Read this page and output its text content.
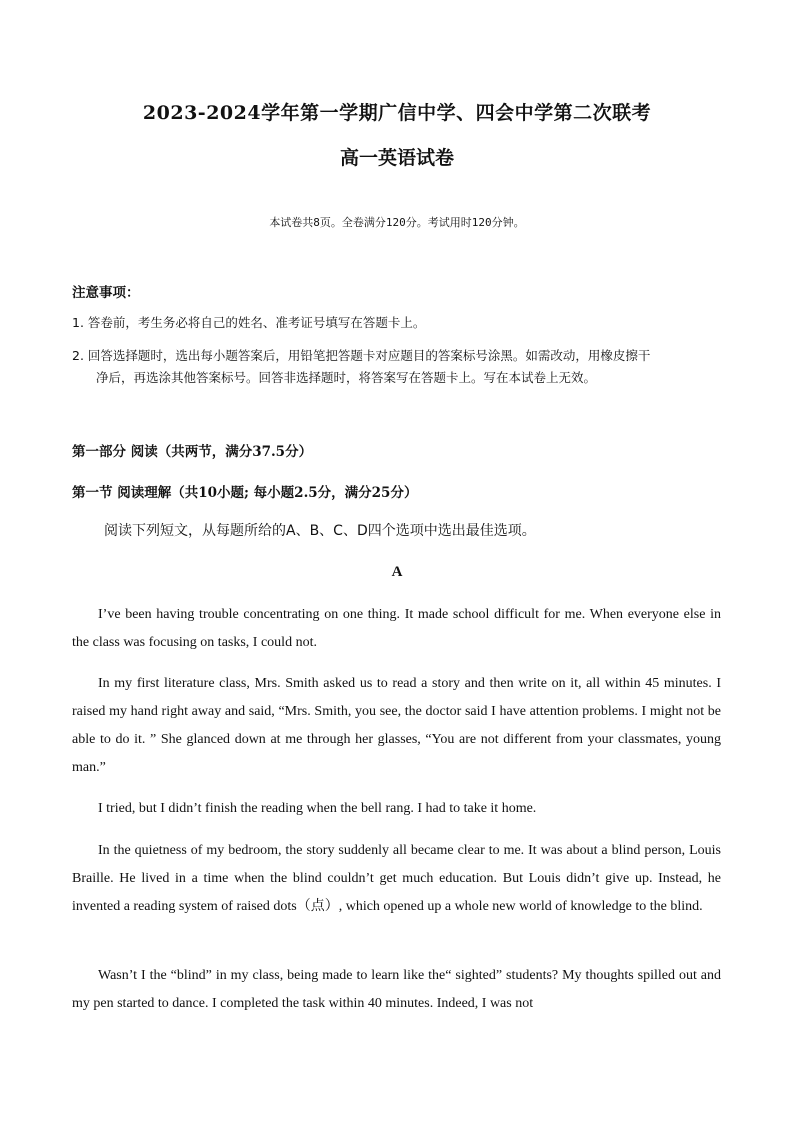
2023-2024学年第一学期广信中学、四会中学第二次联考
高一英语试卷
本试卷共8页。全卷满分120分。考试用时120分钟。
注意事项：
1. 答卷前，考生务必将自己的姓名、准考证号填写在答题卡上。
2. 回答选择题时，选出每小题答案后，用铅笔把答题卡对应题目的答案标号涂黑。如需改动，用橡皮擦干
净后，再选涂其他答案标号。回答非选择题时，将答案写在答题卡上。写在本试卷上无效。
第一部分 阅读（共两节，满分37.5分）
第一节 阅读理解（共10小题; 每小题2.5分，满分25分）
阅读下列短文，从每题所给的A、B、C、D四个选项中选出最佳选项。
A
I’ve been having trouble concentrating on one thing. It made school difficult for me. When everyone else in the class was focusing on tasks, I could not.
In my first literature class, Mrs. Smith asked us to read a story and then write on it, all within 45 minutes. I raised my hand right away and said, “Mrs. Smith, you see, the doctor said I have attention problems. I might not be able to do it. ” She glanced down at me through her glasses, “You are not different from your classmates, young man.”
I tried, but I didn’t finish the reading when the bell rang. I had to take it home.
In the quietness of my bedroom, the story suddenly all became clear to me. It was about a blind person, Louis Braille. He lived in a time when the blind couldn’t get much education. But Louis didn’t give up. Instead, he invented a reading system of raised dots（点）, which opened up a whole new world of knowledge to the blind.
Wasn’t I the “blind” in my class, being made to learn like the“ sighted” students? My thoughts spilled out and my pen started to dance. I completed the task within 40 minutes. Indeed, I was not
